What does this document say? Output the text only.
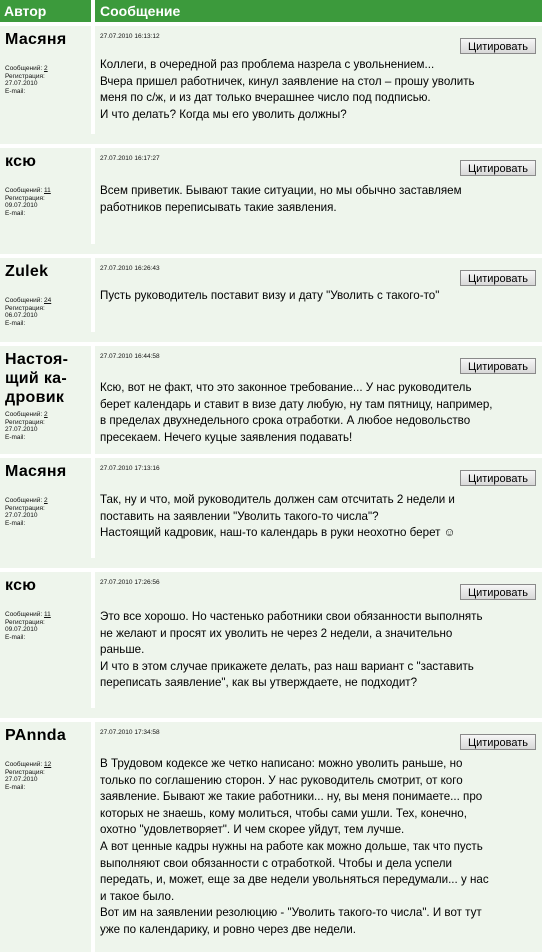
Автор	Сообщение
Масяня
Сообщений: 2
Регистрация:
27.07.2010
E-mail:
27.07.2010 16:13:12
Цитировать
Коллеги, в очередной раз проблема назрела с увольнением...
Вчера пришел работничек, кинул заявление на стол – прошу уволить
меня по с/ж, и из дат только вчерашнее число под подписью.
И что делать? Когда мы его уволить должны?
ксю
Сообщений: 11
Регистрация:
09.07.2010
E-mail:
27.07.2010 16:17:27
Цитировать
Всем приветик. Бывают такие ситуации, но мы обычно заставляем
работников переписывать такие заявления.
Zulek
Сообщений: 24
Регистрация:
06.07.2010
E-mail:
27.07.2010 16:26:43
Цитировать
Пусть руководитель поставит визу и дату "Уволить с такого-то"
Настоя-
щий ка-
дровик
Сообщений: 2
Регистрация:
27.07.2010
E-mail:
27.07.2010 16:44:58
Цитировать
Ксю, вот не факт, что это законное требование... У нас руководитель
берет календарь и ставит в визе дату любую, ну там пятницу, например,
в пределах двухнедельного срока отработки. А любое недовольство
пресекаем. Нечего куцые заявления подавать!
Масяня
Сообщений: 2
Регистрация:
27.07.2010
E-mail:
27.07.2010 17:13:16
Цитировать
Так, ну и что, мой руководитель должен сам отсчитать 2 недели и
поставить на заявлении "Уволить такого-то числа"?
Настоящий кадровик, наш-то календарь в руки неохотно берет ☺
ксю
Сообщений: 11
Регистрация:
09.07.2010
E-mail:
27.07.2010 17:26:56
Цитировать
Это все хорошо. Но частенько работники свои обязанности выполнять
не желают и просят их уволить не через 2 недели, а значительно
раньше.
И что в этом случае прикажете делать, раз наш вариант с "заставить
переписать заявление", как вы утверждаете, не подходит?
PAnnda
Сообщений: 12
Регистрация:
27.07.2010
E-mail:
27.07.2010 17:34:58
Цитировать
В Трудовом кодексе же четко написано: можно уволить раньше, но
только по соглашению сторон. У нас руководитель смотрит, от кого
заявление. Бывают же такие работники... ну, вы меня понимаете... про
которых не знаешь, кому молиться, чтобы сами ушли. Тех, конечно,
охотно "удовлетворяет". И чем скорее уйдут, тем лучше.
А вот ценные кадры нужны на работе как можно дольше, так что пусть
выполняют свои обязанности с отработкой. Чтобы и дела успели
передать, и, может, еще за две недели увольняться передумали... у нас
и такое было.
Вот им на заявлении резолюцию - "Уволить такого-то числа". И вот тут
уже по календарику, и ровно через две недели.
